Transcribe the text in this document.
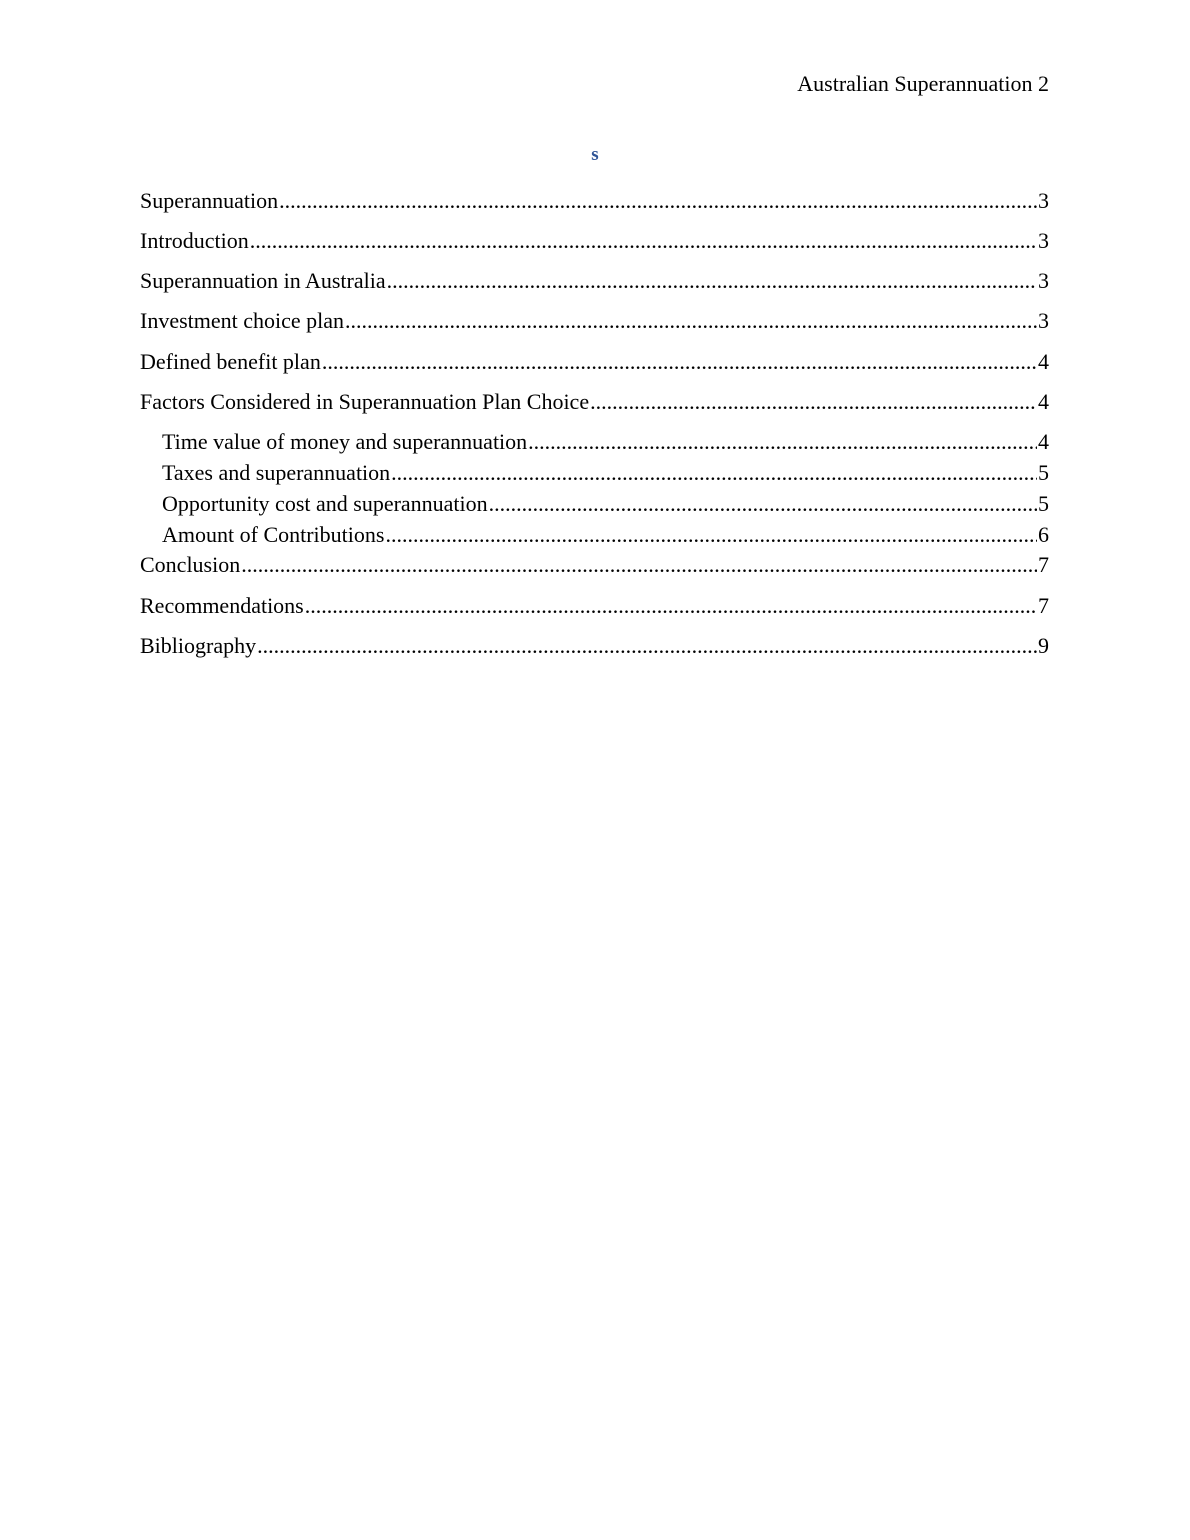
Australian Superannuation 2
s
Superannuation .....	3
Introduction .....	3
Superannuation in Australia .....	3
Investment choice plan .....	3
Defined benefit plan .....	4
Factors Considered in Superannuation Plan Choice .....	4
Time value of money and superannuation .....	4
Taxes and superannuation .....	5
Opportunity cost and superannuation .....	5
Amount of Contributions .....	6
Conclusion .....	7
Recommendations .....	7
Bibliography .....	9
